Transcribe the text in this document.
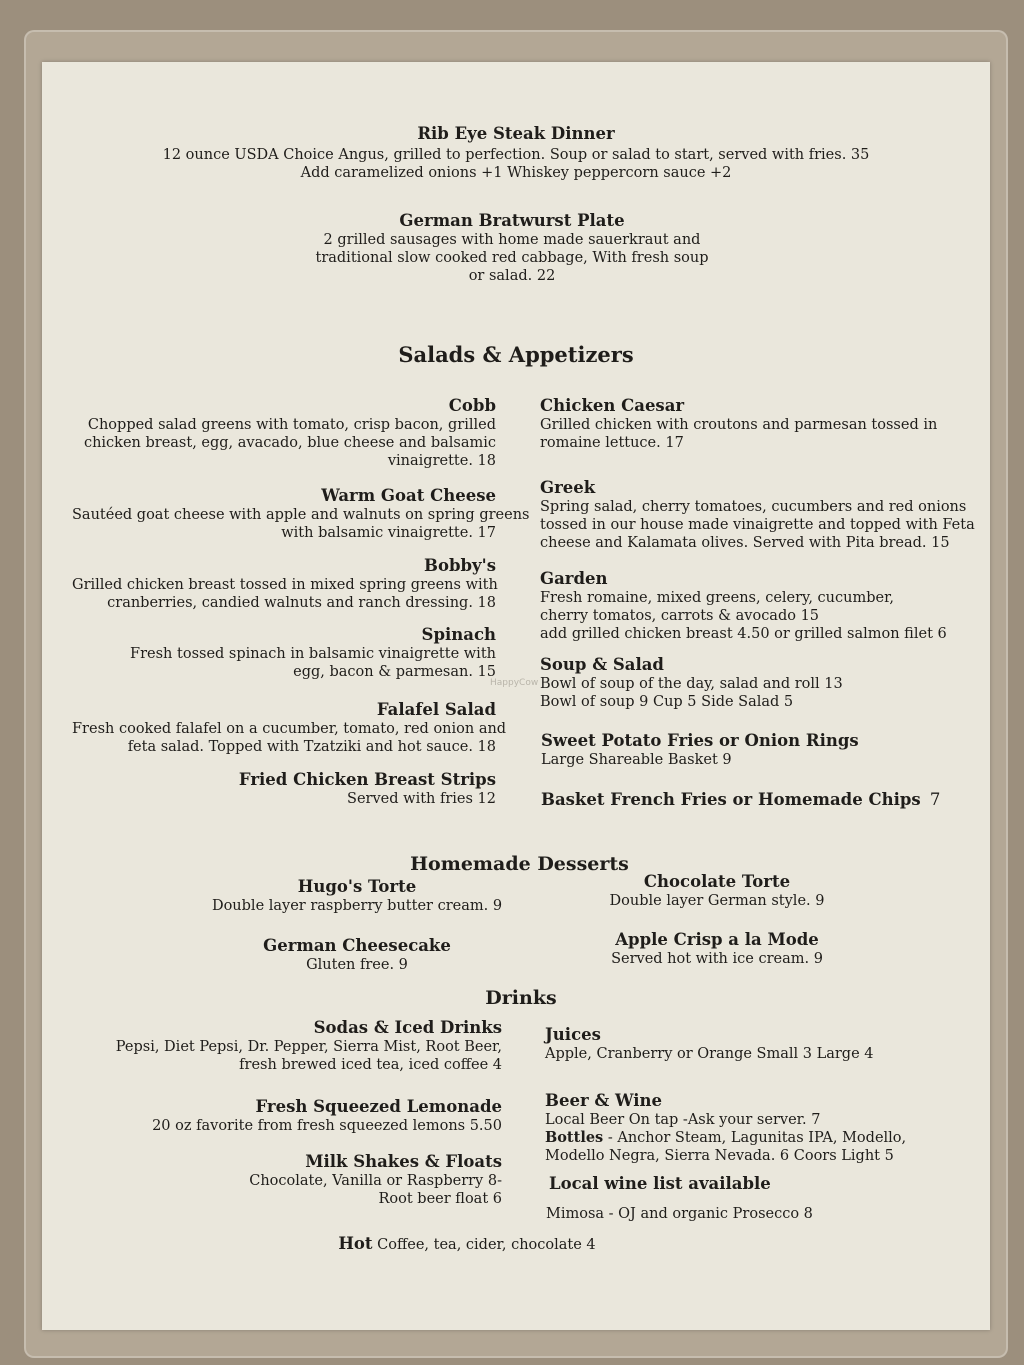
Rib Eye Steak Dinner
12 ounce USDA Choice Angus, grilled to perfection. Soup or salad to start, served with fries. 35
Add caramelized onions +1 Whiskey peppercorn sauce +2
German Bratwurst Plate
2 grilled sausages with home made sauerkraut and
traditional slow cooked red cabbage, With fresh soup
or salad. 22
Salads & Appetizers
Cobb
Chopped salad greens with tomato, crisp bacon, grilled
chicken breast, egg, avacado, blue cheese and balsamic
vinaigrette. 18
Warm Goat Cheese
Sautéed goat cheese with apple and walnuts on spring greens
with balsamic vinaigrette. 17
Bobby's
Grilled chicken breast tossed in mixed spring greens with
cranberries, candied walnuts and ranch dressing. 18
Spinach
Fresh tossed spinach in balsamic vinaigrette with
egg, bacon & parmesan. 15
Falafel Salad
Fresh cooked falafel on a cucumber, tomato, red onion and
feta salad. Topped with Tzatziki and hot sauce. 18
Fried Chicken Breast Strips
Served with fries 12
HappyCow
Chicken Caesar
Grilled chicken with croutons and parmesan tossed in
romaine lettuce. 17
Greek
Spring salad, cherry tomatoes, cucumbers and red onions
tossed in our house made vinaigrette and topped with Feta
cheese and Kalamata olives. Served with Pita bread. 15
Garden
Fresh romaine, mixed greens, celery, cucumber,
cherry tomatos, carrots & avocado 15
add grilled chicken breast 4.50 or grilled salmon filet 6
Soup & Salad
Bowl of soup of the day, salad and roll 13
Bowl of soup 9 Cup 5 Side Salad 5
Sweet Potato Fries or Onion Rings
Large Shareable Basket 9
Basket French Fries or Homemade Chips 7
Homemade Desserts
Hugo's Torte
Double layer raspberry butter cream. 9
Chocolate Torte
Double layer German style. 9
German Cheesecake
Gluten free. 9
Apple Crisp a la Mode
Served hot with ice cream. 9
Drinks
Sodas & Iced Drinks
Pepsi, Diet Pepsi, Dr. Pepper, Sierra Mist, Root Beer,
fresh brewed iced tea, iced coffee 4
Fresh Squeezed Lemonade
20 oz favorite from fresh squeezed lemons 5.50
Milk Shakes & Floats
Chocolate, Vanilla or Raspberry 8-
Root beer float 6
Juices
Apple, Cranberry or Orange Small 3 Large 4
Beer & Wine
Local Beer On tap -Ask your server. 7
Bottles - Anchor Steam, Lagunitas IPA, Modello,
Modello Negra, Sierra Nevada. 6 Coors Light 5
Local wine list available
Mimosa - OJ and organic Prosecco 8
Hot Coffee, tea, cider, chocolate 4
